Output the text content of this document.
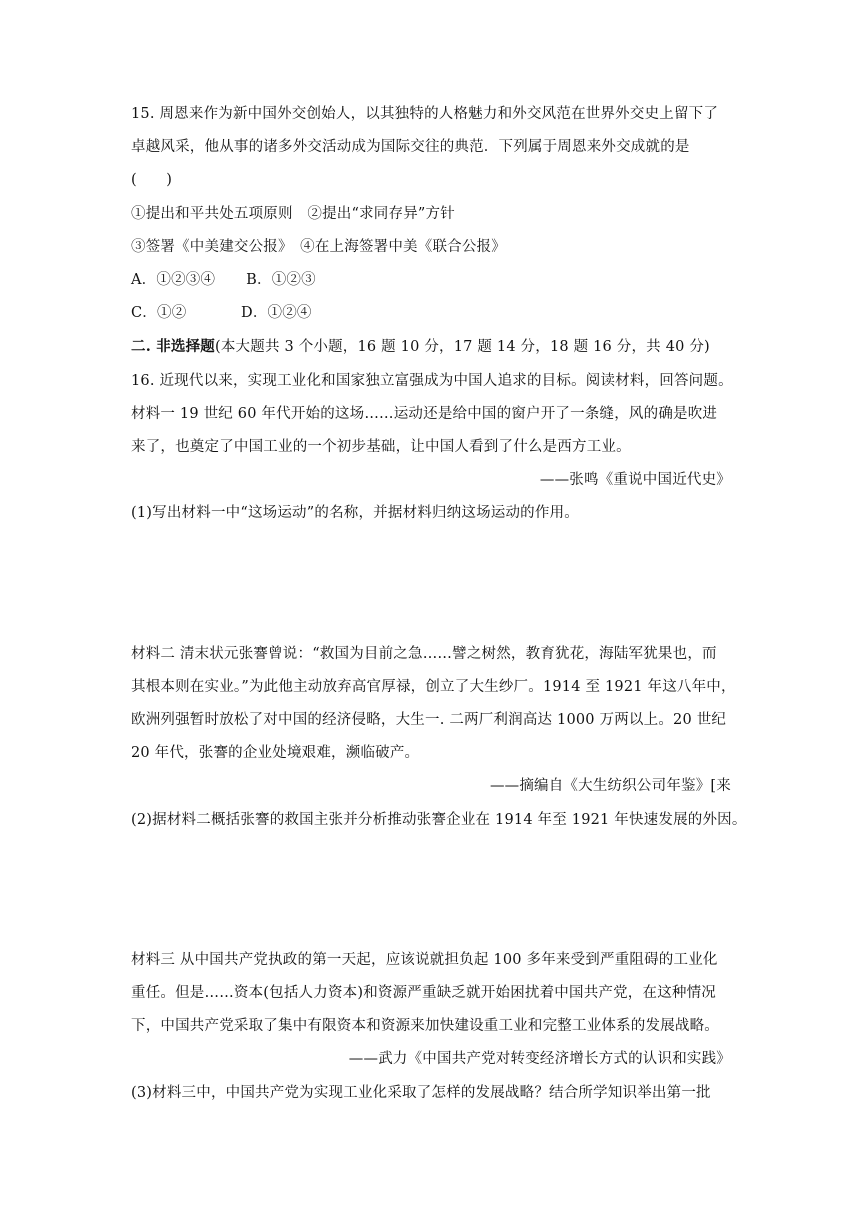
15. 周恩来作为新中国外交创始人，以其独特的人格魅力和外交风范在世界外交史上留下了
卓越风采，他从事的诸多外交活动成为国际交往的典范．下列属于周恩来外交成就的是
(　　)
①提出和平共处五项原则　②提出“求同存异”方针
③签署《中美建交公报》　④在上海签署中美《联合公报》
A．①②③④ B．①②③
C．①②	D．①②④
二. 非选择题(本大题共 3 个小题，16 题 10 分，17 题 14 分，18 题 16 分，共 40 分)
16. 近现代以来，实现工业化和国家独立富强成为中国人追求的目标。阅读材料，回答问题。
材料一 19 世纪 60 年代开始的这场……运动还是给中国的窗户开了一条缝，风的确是吹进
来了，也奠定了中国工业的一个初步基础，让中国人看到了什么是西方工业。
——张鸣《重说中国近代史》
(1)写出材料一中“这场运动”的名称，并据材料归纳这场运动的作用。
材料二 清末状元张謇曾说：“救国为目前之急……譬之树然，教育犹花，海陆军犹果也，而
其根本则在实业。”为此他主动放弃高官厚禄，创立了大生纱厂。1914 至 1921 年这八年中，
欧洲列强暂时放松了对中国的经济侵略，大生一. 二两厂利润高达 1000 万两以上。20 世纪
20 年代，张謇的企业处境艰难，濒临破产。
——摘编自《大生纺织公司年鉴》[来
(2)据材料二概括张謇的救国主张并分析推动张謇企业在 1914 年至 1921 年快速发展的外因。
材料三 从中国共产党执政的第一天起，应该说就担负起 100 多年来受到严重阻碍的工业化
重任。但是……资本(包括人力资本)和资源严重缺乏就开始困扰着中国共产党，在这种情况
下，中国共产党采取了集中有限资本和资源来加快建设重工业和完整工业体系的发展战略。
——武力《中国共产党对转变经济增长方式的认识和实践》
(3)材料三中，中国共产党为实现工业化采取了怎样的发展战略？结合所学知识举出第一批
